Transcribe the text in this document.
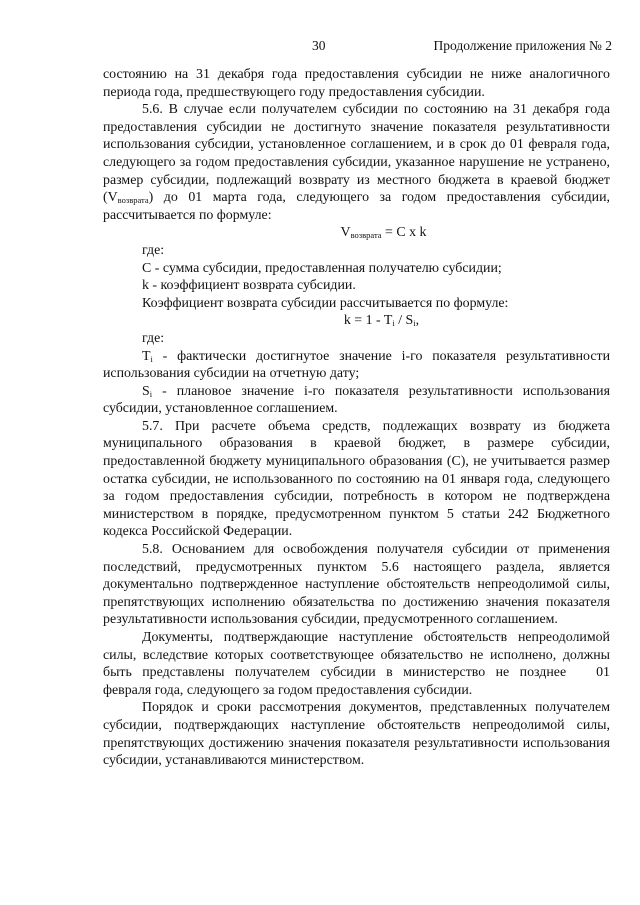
30	Продолжение приложения № 2

состоянию на 31 декабря года предоставления субсидии не ниже аналогичного периода года, предшествующего году предоставления субсидии.

5.6. В случае если получателем субсидии по состоянию на 31 декабря года предоставления субсидии не достигнуто значение показателя результативности использования субсидии, установленное соглашением, и в срок до 01 февраля года, следующего за годом предоставления субсидии, указанное нарушение не устранено, размер субсидии, подлежащий возврату из местного бюджета в краевой бюджет $(V_{возврата})$ до 01 марта года, следующего за годом предоставления субсидии, рассчитывается по формуле:

$V_{возврата} = C$ x k

где:

С - сумма субсидии, предоставленная получателю субсидии;

k - коэффициент возврата субсидии.

Коэффициент возврата субсидии рассчитывается по формуле:

$k = 1 - T_i / S_i$,

где:

$T_i$ - фактически достигнутое значение i-го показателя результативности использования субсидии на отчетную дату;

$S_i$ - плановое значение i-го показателя результативности использования субсидии, установленное соглашением.

5.7. При расчете объема средств, подлежащих возврату из бюджета муниципального образования в краевой бюджет, в размере субсидии, предоставленной бюджету муниципального образования (С), не учитывается размер остатка субсидии, не использованного по состоянию на 01 января года, следующего за годом предоставления субсидии, потребность в котором не подтверждена министерством в порядке, предусмотренном пунктом 5 статьи 242 Бюджетного кодекса Российской Федерации.

5.8. Основанием для освобождения получателя субсидии от применения последствий, предусмотренных пунктом 5.6 настоящего раздела, является документально подтвержденное наступление обстоятельств непреодолимой силы, препятствующих исполнению обязательства по достижению значения показателя результативности использования субсидии, предусмотренного соглашением.

Документы, подтверждающие наступление обстоятельств непреодолимой силы, вследствие которых соответствующее обязательство не исполнено, должны быть представлены получателем субсидии в министерство не позднее 01 февраля года, следующего за годом предоставления субсидии.

Порядок и сроки рассмотрения документов, представленных получателем субсидии, подтверждающих наступление обстоятельств непреодолимой силы, препятствующих достижению значения показателя результативности использования субсидии, устанавливаются министерством.
